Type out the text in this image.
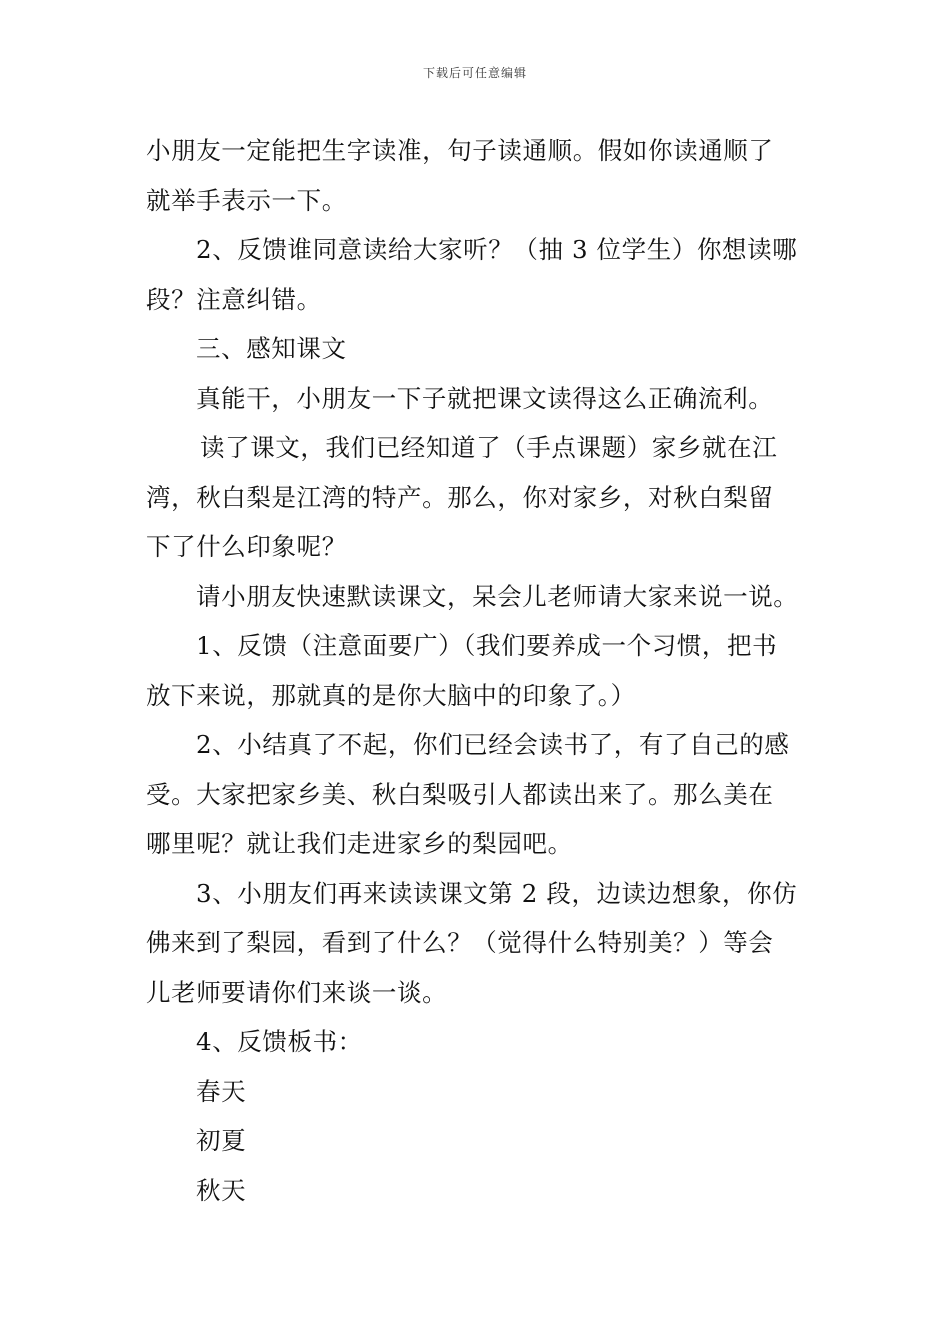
下载后可任意编辑
小朋友一定能把生字读准，句子读通顺。假如你读通顺了
就举手表示一下。
2、反馈谁同意读给大家听？（抽 3 位学生）你想读哪
段？注意纠错。
三、感知课文
真能干，小朋友一下子就把课文读得这么正确流利。
读了课文，我们已经知道了（手点课题）家乡就在江
湾，秋白梨是江湾的特产。那么，你对家乡，对秋白梨留
下了什么印象呢？
请小朋友快速默读课文，呆会儿老师请大家来说一说。
1、反馈（注意面要广）（我们要养成一个习惯，把书
放下来说，那就真的是你大脑中的印象了。）
2、小结真了不起，你们已经会读书了，有了自己的感
受。大家把家乡美、秋白梨吸引人都读出来了。那么美在
哪里呢？就让我们走进家乡的梨园吧。
3、小朋友们再来读读课文第 2 段，边读边想象，你仿
佛来到了梨园，看到了什么？（觉得什么特别美？）等会
儿老师要请你们来谈一谈。
4、反馈板书：
春天
初夏
秋天
